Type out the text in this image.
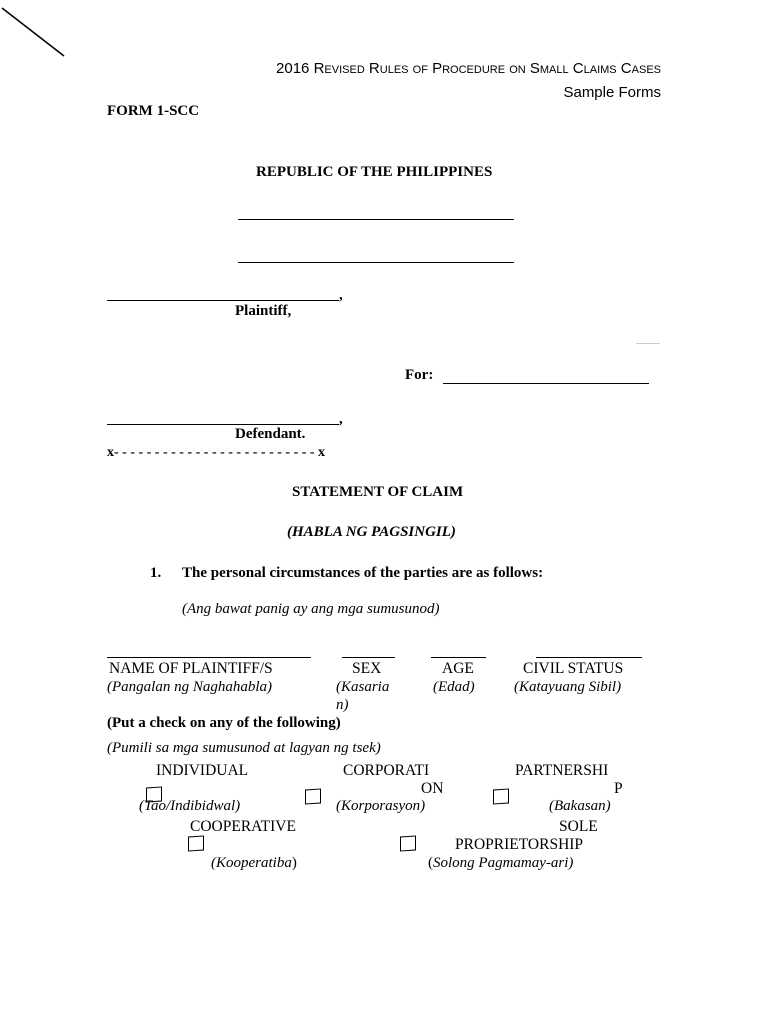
2016 Revised Rules of Procedure on Small Claims Cases
Sample Forms
FORM 1-SCC
REPUBLIC OF THE PHILIPPINES
,
Plaintiff,
For:
,
Defendant.
x- - - - - - - - - - - - - - - - - - - - - - - - - x
STATEMENT OF CLAIM
(HABLA NG PAGSINGIL)
1. The personal circumstances of the parties are as follows:
(Ang bawat panig ay ang mga sumusunod)
NAME OF PLAINTIFF/S
(Pangalan ng Naghahabla)
SEX
(Kasaria
n)
AGE
(Edad)
CIVIL STATUS
(Katayuang Sibil)
(Put a check on any of the following)
(Pumili sa mga sumusunod at lagyan ng tsek)
INDIVIDUAL
(Tao/Indibidwal)
CORPORATI
ON
(Korporasyon)
PARTNERSHI
P
(Bakasan)
COOPERATIVE
(Kooperatiba)
SOLE
PROPRIETORSHIP
(Solong Pagmamay-ari)
